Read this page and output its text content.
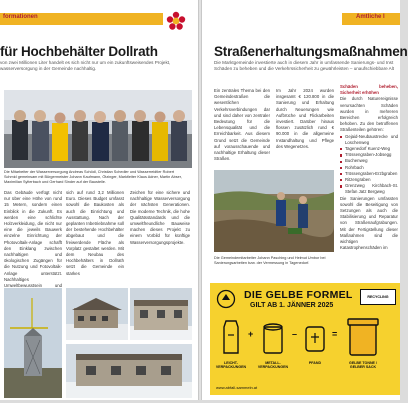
formationen
für Hochbehälter Dollrath
von zwei Millionen Liter handelt es sich nicht nur um ein zukunftsweisendes Projekt,
wasserversorgung in der Gemeinde nachhaltig.
Die Mitarbeiter der Wasserversorgung Andreas Schödl, Christian Schedler und Wasserreidtler Robert
Schmid gemeinsam mit Bürgermeister Johann Kaufmann, Ötzinger, Marktleiter Klaus Adner, Martin Abser,
Maximilian Sylterbach und Gerhard Sinder auf der Baustelle.
Das Gebäude verfügt nicht nur über eine Höhe von rund 15 Metern, sondern einen Einblick in die Zukunft. Es werden eine schlichte Holzverkleidung, die nicht nur eine die jeweils Bauwerk einzelne Einrichtung der Photovoltaik-Anlage schafft den Einklang zwischen nachhaltigen und ökologischen Zugängen für die Nutzung und Fotovoltaik-Anlage unterstützt. Nachhaltiges Umweltbewusstsein und
sich auf rund 3,2 Millionen Euro. Dieses Budget umfasst sowohl die Baukosten als auch die Einrichtung und Ausstattung. Nach der geplanten Inbetriebnahme soll der bestehende Hochbehälter abgebaut und die freiwerdende Fläche als Vorplatz gestaltet werden. Mit dem Neubau des Hochbehälters in Dollrath setzt die Gemeinde ein starkes
Zeichen für eine sichere und nachhaltige Wasserversorgung der nächsten Generationen. Die moderne Technik, die hohe Qualitätsstandards und die umweltfreundliche Bauweise machen dieses Projekt zu einem Vorbild für künftige Wasserversorgungsprojekte.
Amtliche I
Straßenerhaltungsmaßnahmen
Die Marktgemeinde investierte auch in diesem Jahr in umfassende Sanierungs- und Inst
Schäden zu beheben und die Verkehrssicherheit zu gewährleisten – unaufschiebbare Alt
Ein zentrales Thema bei den Gemeindestraßen die wesentlichen Verkehrsverbindungen dar und sind daher von zentraler Bedeutung für die Lebensqualität und die Erreichbarkeit. Aus diesem Grund setzt die Gemeinde auf vorausschauende und nachhaltige Erhaltung dieser Straßen.
Im Jahr 2024 wurden insgesamt € 120.800 in die Sanierung und Erhaltung durch Neuerungen wie Aufbrüche und Flickarbeiten investiert. Darüber hinaus flossen zusätzlich rund € 90.000 in die allgemeine Instandhaltung und Pflege des Wegenetzes.
Schäden beheben, Sicherheit erhöhen
Die durch Naturereignisse verursachten Schäden wurden in mehreren Bereichen erfolgreich behoben. Zu den betroffenen Straßenteilen gehören:
Gejaid-Neubaustrecke und Loschenweg
Tagenedorf Kuenz-Weg
Trössengraben-Jobsegg
Buchenweg
Rohrbach
Trössengraben-Erzbgraben
Ritzengraben
Grenzweg Kirchbach-St. Stefan Jatz Bergweg
Die Sanierungen umfassten sowohl die Beseitigung von Setzungen als auch die Stabilisierung und Reparatur von Straßenaufgrabungen. Mit der Fertigstellung dieser Maßnahmen sind die wichtigen Katastrophenschäden im
Die Gemeindemitarbeiter Johann Pasching und Helmut Umbor bei
Sanierungsarbeiten bzw. der Vermessung in Tagenedorf.
DIE GELBE FORMEL
GILT AB 1. JÄNNER 2025
RECYCLING
+	–	=
LEICHT-
VERPACKUNGEN
METALL-
VERPACKUNGEN
PFAND	GELBE TONNE /
GELBER SACK
www.abfall-sammeln.at
